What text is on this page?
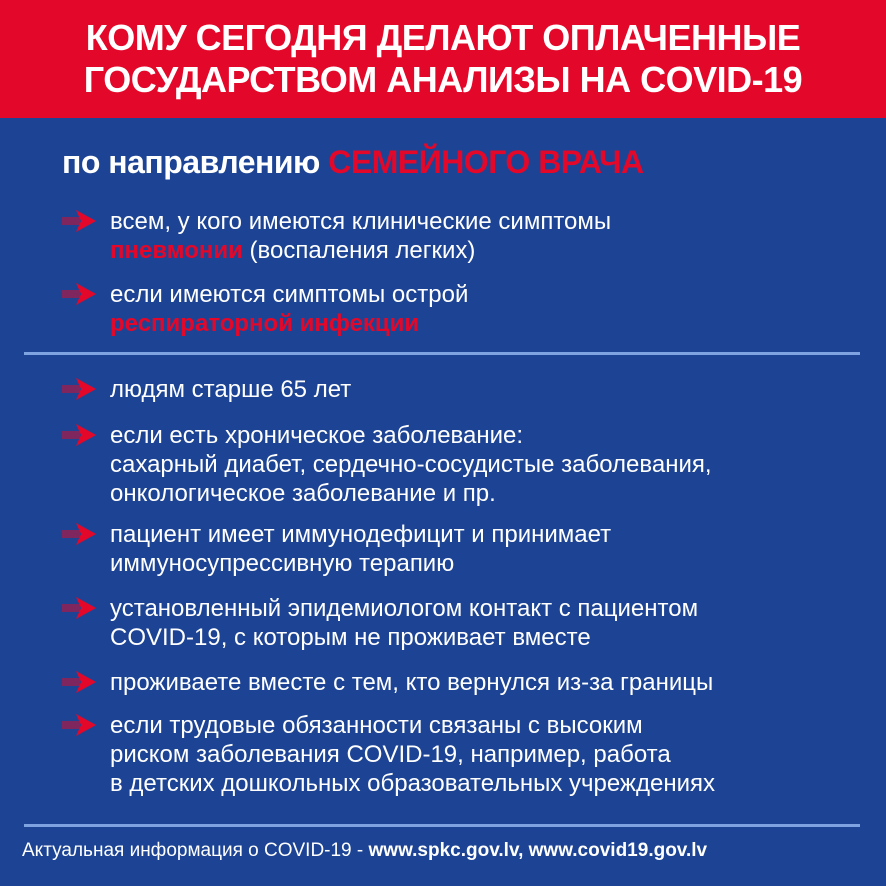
КОМУ СЕГОДНЯ ДЕЛАЮТ ОПЛАЧЕННЫЕ
ГОСУДАРСТВОМ АНАЛИЗЫ НА COVID-19
по направлению СЕМЕЙНОГО ВРАЧА
всем, у кого имеются клинические симптомы
пневмонии (воспаления легких)
если имеются симптомы острой
респираторной инфекции
людям старше 65 лет
если есть хроническое заболевание:
сахарный диабет, сердечно-сосудистые заболевания,
онкологическое заболевание и пр.
пациент имеет иммунодефицит и принимает
иммуносупрессивную терапию
установленный эпидемиологом контакт с пациентом
COVID-19, с которым не проживает вместе
проживаете вместе с тем, кто вернулся из-за границы
если трудовые обязанности связаны с высоким
риском заболевания COVID-19, например, работа
в детских дошкольных образовательных учреждениях
Актуальная информация о COVID-19 - www.spkc.gov.lv, www.covid19.gov.lv
